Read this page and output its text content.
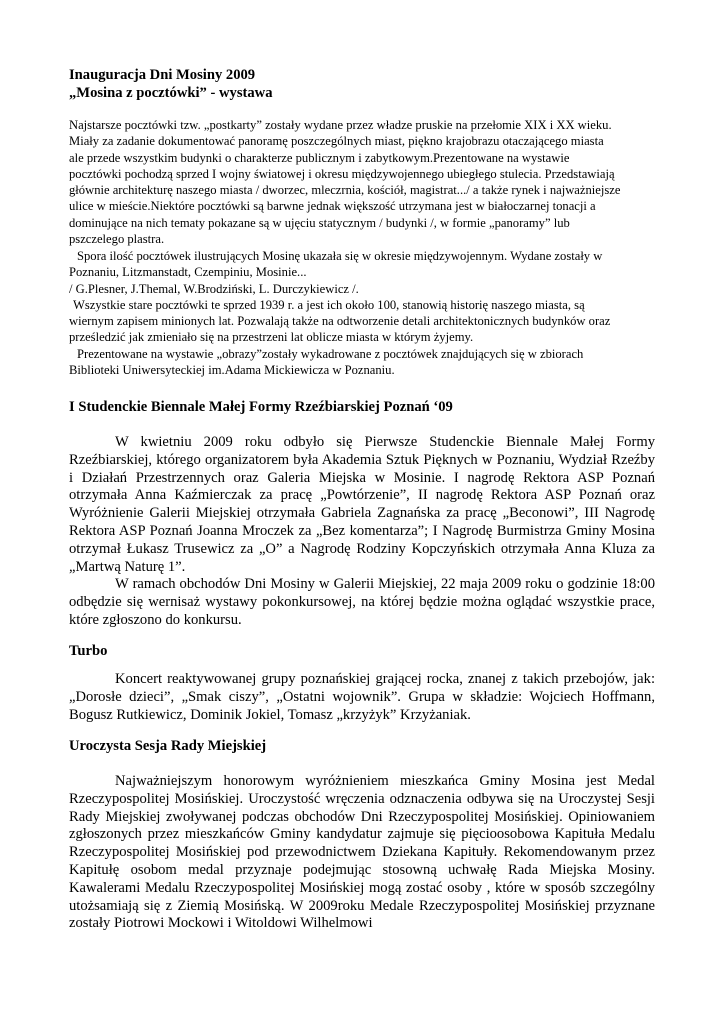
Inauguracja Dni Mosiny 2009
„Mosina z pocztówki” - wystawa
Najstarsze pocztówki tzw. „postkarty” zostały wydane przez władze pruskie na przełomie XIX i XX wieku.
Miały za zadanie dokumentować panoramę poszczególnych miast, piękno krajobrazu otaczającego miasta
ale przede wszystkim budynki o charakterze publicznym i zabytkowym.Prezentowane na wystawie
pocztówki pochodzą sprzed I wojny światowej i okresu międzywojennego ubiegłego stulecia. Przedstawiają
głównie architekturę naszego miasta / dworzec, mleczrnia, kościół, magistrat.../ a także rynek i najważniejsze
ulice w mieście.Niektóre pocztówki są barwne jednak większość utrzymana jest w białoczarnej tonacji a
dominujące na nich tematy pokazane są w ujęciu statycznym / budynki /, w formie „panoramy” lub
pszczelego plastra.
Spora ilość pocztówek ilustrujących Mosinę ukazała się w okresie międzywojennym. Wydane zostały w
Poznaniu, Litzmanstadt, Czempiniu, Mosinie...
/ G.Plesner, J.Themal, W.Brodziński, L. Durczykiewicz /.
Wszystkie stare pocztówki te sprzed 1939 r. a jest ich około 100, stanowią historię naszego miasta, są
wiernym zapisem minionych lat. Pozwalają także na odtworzenie detali architektonicznych budynków oraz
prześledzić jak zmieniało się na przestrzeni lat oblicze miasta w którym żyjemy.
Prezentowane na wystawie „obrazy”zostały wykadrowane z pocztówek znajdujących się w zbiorach
Biblioteki Uniwersyteckiej im.Adama Mickiewicza w Poznaniu.
I Studenckie Biennale Małej Formy Rzeźbiarskiej Poznań ‘09
W kwietniu 2009 roku odbyło się Pierwsze Studenckie Biennale Małej Formy
Rzeźbiarskiej, którego organizatorem była Akademia Sztuk Pięknych w Poznaniu, Wydział Rzeźby
i Działań Przestrzennych oraz Galeria Miejska w Mosinie. I nagrodę Rektora ASP Poznań
otrzymała Anna Kaźmierczak za pracę „Powtórzenie”, II nagrodę Rektora ASP Poznań oraz
Wyróżnienie Galerii Miejskiej otrzymała Gabriela Zagnańska za pracę „Beconowi”, III Nagrodę
Rektora ASP Poznań Joanna Mroczek za „Bez komentarza”; I Nagrodę Burmistrza Gminy Mosina
otrzymał Łukasz Trusewicz za „O” a Nagrodę Rodziny Kopczyńskich otrzymała Anna Kluza za
„Martwą Naturę 1”.
W ramach obchodów Dni Mosiny w Galerii Miejskiej, 22 maja 2009 roku o godzinie 18:00
odbędzie się wernisaż wystawy pokonkursowej, na której będzie można oglądać wszystkie prace,
które zgłoszono do konkursu.
Turbo
Koncert reaktywowanej grupy poznańskiej grającej rocka, znanej z takich przebojów, jak:
„Dorosłe dzieci”, „Smak ciszy”, „Ostatni wojownik”. Grupa w składzie: Wojciech Hoffmann,
Bogusz Rutkiewicz, Dominik Jokiel, Tomasz „krzyżyk” Krzyżaniak.
Uroczysta Sesja Rady Miejskiej
Najważniejszym honorowym wyróżnieniem mieszkańca Gminy Mosina jest Medal
Rzeczypospolitej Mosińskiej. Uroczystość wręczenia odznaczenia odbywa się na Uroczystej Sesji
Rady Miejskiej zwoływanej podczas obchodów Dni Rzeczypospolitej Mosińskiej. Opiniowaniem
zgłoszonych przez mieszkańców Gminy kandydatur zajmuje się pięcioosobowa Kapituła Medalu
Rzeczypospolitej Mosińskiej pod przewodnictwem Dziekana Kapituły. Rekomendowanym przez
Kapitułę osobom medal przyznaje podejmując stosowną uchwałę Rada Miejska Mosiny.
Kawalerami Medalu Rzeczypospolitej Mosińskiej mogą zostać osoby , które w sposób szczególny
utożsamiają się z Ziemią Mosińską. W 2009roku Medale Rzeczypospolitej Mosińskiej przyznane
zostały Piotrowi Mockowi i Witoldowi Wilhelmowi
